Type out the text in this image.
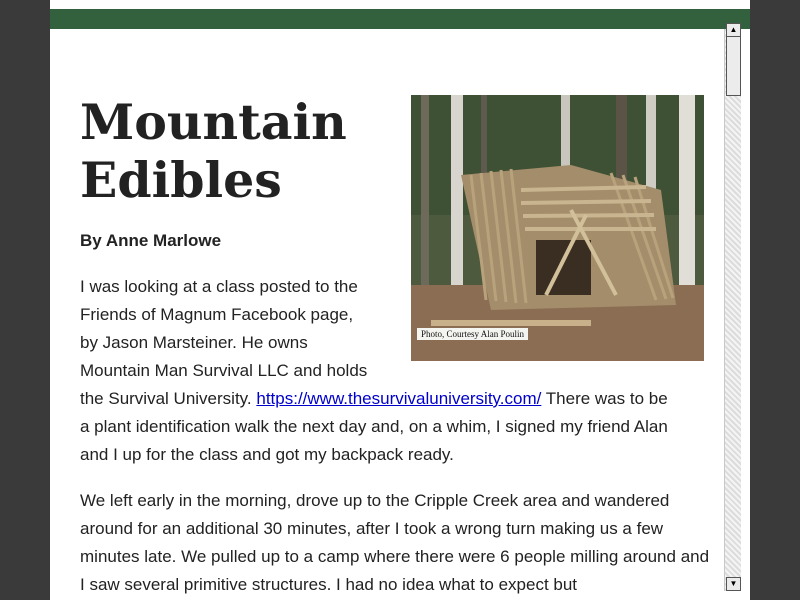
Mountain
Edibles

By Anne Marlowe

Photo, Courtesy Alan Poulin

I was looking at a class posted to the
Friends of Magnum Facebook page,
by Jason Marsteiner. He owns
Mountain Man Survival LLC and holds
the Survival University. https://www.thesurvivaluniversity.com/ There was to be a plant identification walk the next day and, on a whim, I signed my friend Alan and I up for the class and got my backpack ready.

We left early in the morning, drove up to the Cripple Creek area and wandered around for an additional 30 minutes, after I took a wrong turn making us a few minutes late. We pulled up to a camp where there were 6 people milling around and I saw several primitive structures. I had no idea what to expect but

▲
▼
